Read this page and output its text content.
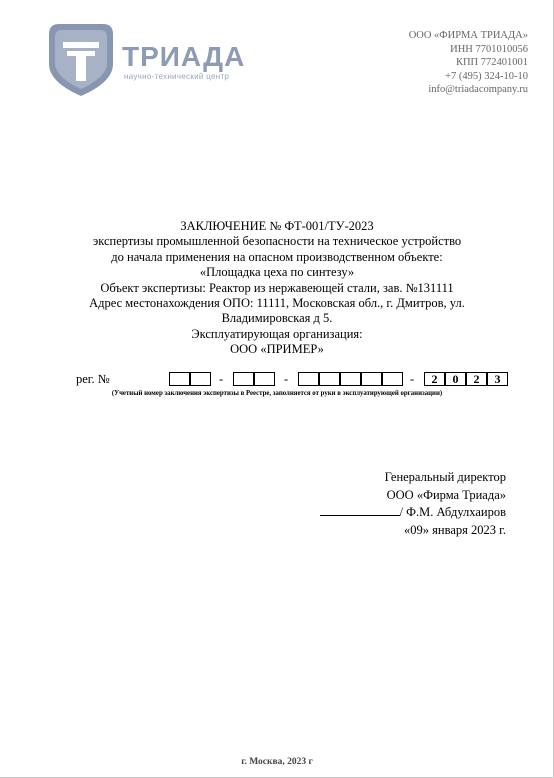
ТРИАДА
научно-технический центр
ООО «ФИРМА ТРИАДА»
ИНН 7701010056
КПП 772401001
+7 (495) 324-10-10
info@triadacompany.ru
ЗАКЛЮЧЕНИЕ № ФТ-001/ТУ-2023
экспертизы промышленной безопасности на техническое устройство
до начала применения на опасном производственном объекте:
«Площадка цеха по синтезу»
Объект экспертизы: Реактор из нержавеющей стали, зав. №131111
Адрес местонахождения ОПО: 11111, Московская обл., г. Дмитров, ул.
Владимировская д 5.
Эксплуатирующая организация:
ООО «ПРИМЕР»
рег. №	-	-	-	2	0	2	3
(Учетный номер заключения экспертизы в Реестре, заполняется от руки в эксплуатирующей организации)
Генеральный директор
ООО «Фирма Триада»
/ Ф.М. Абдулхаиров
«09» января 2023 г.
г. Москва, 2023 г
